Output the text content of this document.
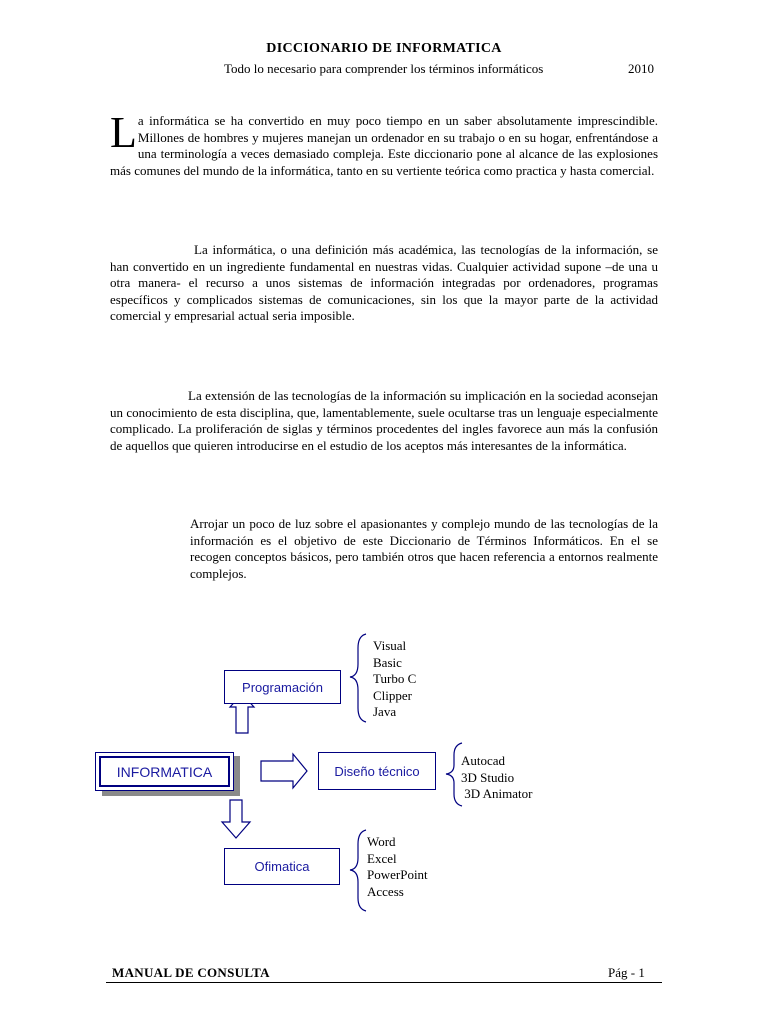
DICCIONARIO DE INFORMATICA
Todo lo necesario para comprender los términos informáticos	2010

La informática se ha convertido en muy poco tiempo en un saber absolutamente imprescindible. Millones de hombres y mujeres manejan un ordenador en su trabajo o en su hogar, enfrentándose a una terminología a veces demasiado compleja. Este diccionario pone al alcance de las explosiones más comunes del mundo de la informática, tanto en su vertiente teórica como practica y hasta comercial.

La informática, o una definición más académica, las tecnologías de la información, se han convertido en un ingrediente fundamental en nuestras vidas. Cualquier actividad supone –de una u otra manera- el recurso a unos sistemas de información integradas por ordenadores, programas específicos y complicados sistemas de comunicaciones, sin los que la mayor parte de la actividad comercial y empresarial actual seria imposible.

La extensión de las tecnologías de la información su implicación en la sociedad aconsejan un conocimiento de esta disciplina, que, lamentablemente, suele ocultarse tras un lenguaje especialmente complicado. La proliferación de siglas y términos procedentes del ingles favorece aun más la confusión de aquellos que quieren introducirse en el estudio de los aceptos más interesantes de la informática.

Arrojar un poco de luz sobre el apasionantes y complejo mundo de las tecnologías de la información es el objetivo de este Diccionario de Términos Informáticos. En el se recogen conceptos básicos, pero también otros que hacen referencia a entornos realmente complejos.

INFORMATICA
Programación
Diseño técnico
Ofimatica
Visual
Basic
Turbo C
Clipper
Java
Autocad
3D Studio
3D Animator
Word
Excel
PowerPoint
Access
MANUAL DE CONSULTA	Pág - 1
